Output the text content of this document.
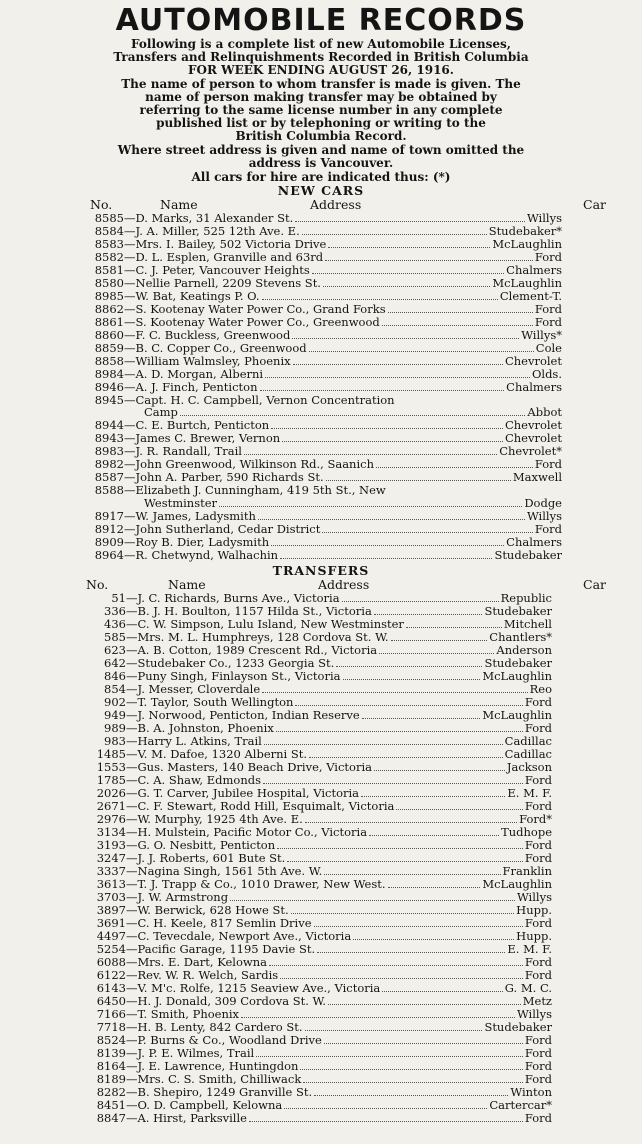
AUTOMOBILE RECORDS

Following is a complete list of new Automobile Licenses,

Transfers and Relinquishments Recorded in British Columbia

FOR WEEK ENDING AUGUST 26, 1916.

The name of person to whom transfer is made is given. The

name of person making transfer may be obtained by

referring to the same license number in any complete

published list or by telephoning or writing to the

British Columbia Record.

Where street address is given and name of town omitted the

address is Vancouver.

All cars for hire are indicated thus: (*)

NEW CARS
No.	Name	Address	Car
8585 —D. Marks, 31 Alexander St.	Willys
8584 —J. A. Miller, 525 12th Ave. E.	Studebaker*
8583 —Mrs. I. Bailey, 502 Victoria Drive	McLaughlin
8582 —D. L. Esplen, Granville and 63rd	Ford
8581 —C. J. Peter, Vancouver Heights	Chalmers
8580 —Nellie Parnell, 2209 Stevens St.	McLaughlin
8985 —W. Bat, Keatings P. O.	Clement-T.
8862 —S. Kootenay Water Power Co., Grand Forks	Ford
8861 —S. Kootenay Water Power Co., Greenwood	Ford
8860 —F. C. Buckless, Greenwood	Willys*
8859 —B. C. Copper Co., Greenwood	Cole
8858 —William Walmsley, Phoenix	Chevrolet
8984 —A. D. Morgan, Alberni	Olds.
8946 —A. J. Finch, Penticton	Chalmers
8945 —Capt. H. C. Campbell, Vernon Concentration
Camp	Abbot
8944 —C. E. Burtch, Penticton	Chevrolet
8943 —James C. Brewer, Vernon	Chevrolet
8983 —J. R. Randall, Trail	Chevrolet*
8982 —John Greenwood, Wilkinson Rd., Saanich	Ford
8587 —John A. Parber, 590 Richards St.	Maxwell
8588 —Elizabeth J. Cunningham, 419 5th St., New
Westminster	Dodge
8917 —W. James, Ladysmith	Willys
8912 —John Sutherland, Cedar District	Ford
8909 —Roy B. Dier, Ladysmith	Chalmers
8964 —R. Chetwynd, Walhachin	Studebaker
TRANSFERS
No.	Name	Address	Car
51 —J. C. Richards, Burns Ave., Victoria	Republic
336 —B. J. H. Boulton, 1157 Hilda St., Victoria	Studebaker
436 —C. W. Simpson, Lulu Island, New Westminster	Mitchell
585 —Mrs. M. L. Humphreys, 128 Cordova St. W.	Chantlers*
623 —A. B. Cotton, 1989 Crescent Rd., Victoria	Anderson
642 —Studebaker Co., 1233 Georgia St.	Studebaker
846 —Puny Singh, Finlayson St., Victoria	McLaughlin
854 —J. Messer, Cloverdale	Reo
902 —T. Taylor, South Wellington	Ford
949 —J. Norwood, Penticton, Indian Reserve	McLaughlin
989 —B. A. Johnston, Phoenix	Ford
983 —Harry L. Atkins, Trail	Cadillac
1485 —V. M. Dafoe, 1320 Alberni St.	Cadillac
1553 —Gus. Masters, 140 Beach Drive, Victoria	Jackson
1785 —C. A. Shaw, Edmonds	Ford
2026 —G. T. Carver, Jubilee Hospital, Victoria	E. M. F.
2671 —C. F. Stewart, Rodd Hill, Esquimalt, Victoria	Ford
2976 —W. Murphy, 1925 4th Ave. E.	Ford*
3134 —H. Mulstein, Pacific Motor Co., Victoria	Tudhope
3193 —G. O. Nesbitt, Penticton	Ford
3247 —J. J. Roberts, 601 Bute St.	Ford
3337 —Nagina Singh, 1561 5th Ave. W.	Franklin
3613 —T. J. Trapp & Co., 1010 Drawer, New West.	McLaughlin
3703 —J. W. Armstrong	Willys
3897 —W. Berwick, 628 Howe St.	Hupp.
3691 —C. H. Keele, 817 Semlin Drive	Ford
4497 —C. Tevecdale, Newport Ave., Victoria	Hupp.
5254 —Pacific Garage, 1195 Davie St.	E. M. F.
6088 —Mrs. E. Dart, Kelowna	Ford
6122 —Rev. W. R. Welch, Sardis	Ford
6143 —V. M'c. Rolfe, 1215 Seaview Ave., Victoria	G. M. C.
6450 —H. J. Donald, 309 Cordova St. W.	Metz
7166 —T. Smith, Phoenix	Willys
7718 —H. B. Lenty, 842 Cardero St.	Studebaker
8524 —P. Burns & Co., Woodland Drive	Ford
8139 —J. P. E. Wilmes, Trail	Ford
8164 —J. E. Lawrence, Huntingdon	Ford
8189 —Mrs. C. S. Smith, Chilliwack	Ford
8282 —B. Shepiro, 1249 Granville St.	Winton
8451 —O. D. Campbell, Kelowna	Cartercar*
8847 —A. Hirst, Parksville	Ford
